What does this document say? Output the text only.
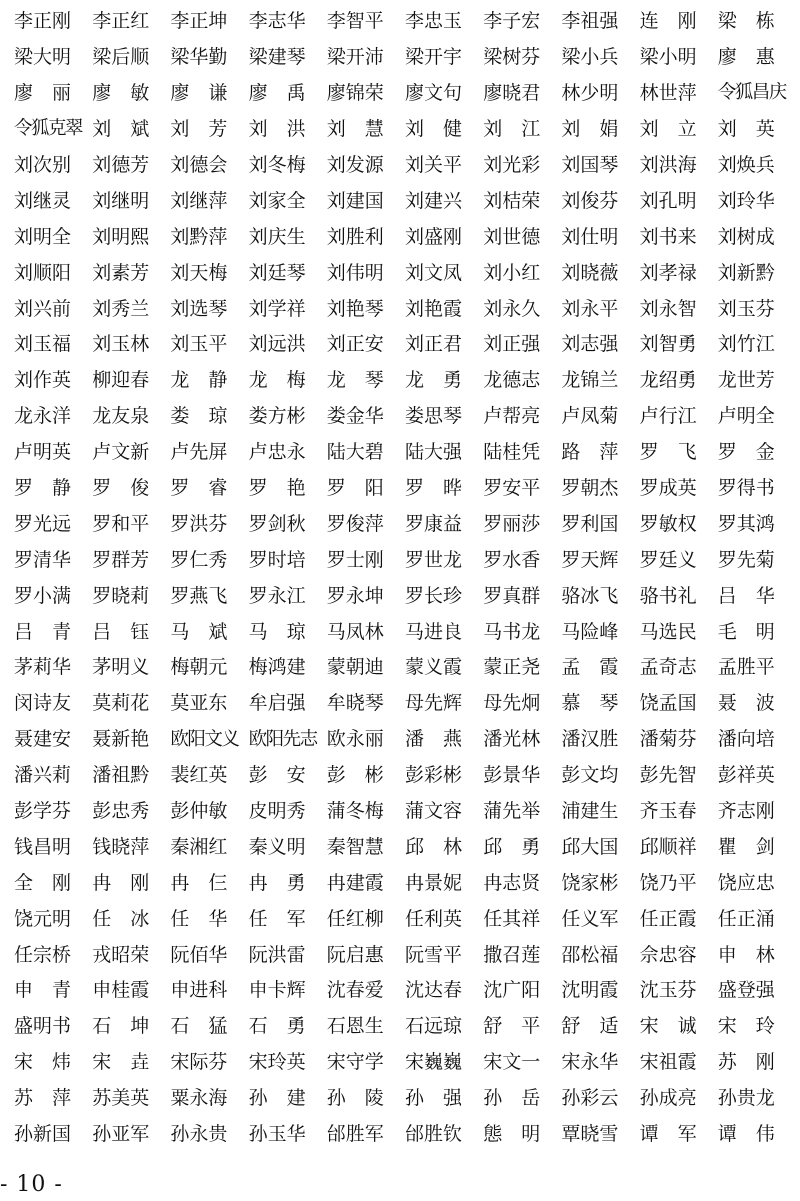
李正刚	李正红	李正坤	李志华	李智平	李忠玉	李子宏	李祖强	连　刚	梁　栋
梁大明	梁后顺	梁华勤	梁建琴	梁开沛	梁开宇	梁树芬	梁小兵	梁小明	廖　惠
廖　丽	廖　敏	廖　谦	廖　禹	廖锦荣	廖文句	廖晓君	林少明	林世萍	令狐昌庆
令狐克翠 刘　斌	刘　芳	刘　洪	刘　慧	刘　健	刘　江	刘　娟	刘　立	刘　英
刘次别	刘德芳	刘德会	刘冬梅	刘发源	刘关平	刘光彩	刘国琴	刘洪海	刘焕兵
刘继灵	刘继明	刘继萍	刘家全	刘建国	刘建兴	刘桔荣	刘俊芬	刘孔明	刘玲华
刘明全	刘明熙	刘黔萍	刘庆生	刘胜利	刘盛刚	刘世德	刘仕明	刘书来	刘树成
刘顺阳	刘素芳	刘天梅	刘廷琴	刘伟明	刘文凤	刘小红	刘晓薇	刘孝禄	刘新黔
刘兴前	刘秀兰	刘选琴	刘学祥	刘艳琴	刘艳霞	刘永久	刘永平	刘永智	刘玉芬
刘玉福	刘玉林	刘玉平	刘远洪	刘正安	刘正君	刘正强	刘志强	刘智勇	刘竹江
刘作英	柳迎春	龙　静	龙　梅	龙　琴	龙　勇	龙德志	龙锦兰	龙绍勇	龙世芳
龙永洋	龙友泉	娄　琼	娄方彬	娄金华	娄思琴	卢帮亮	卢凤菊	卢行江	卢明全
卢明英	卢文新	卢先屏	卢忠永	陆大碧	陆大强	陆桂凭	路　萍	罗　飞	罗　金
罗　静	罗　俊	罗　睿	罗　艳	罗　阳	罗　晔	罗安平	罗朝杰	罗成英	罗得书
罗光远	罗和平	罗洪芬	罗剑秋	罗俊萍	罗康益	罗丽莎	罗利国	罗敏权	罗其鸿
罗清华	罗群芳	罗仁秀	罗时培	罗士刚	罗世龙	罗水香	罗天辉	罗廷义	罗先菊
罗小满	罗晓莉	罗燕飞	罗永江	罗永坤	罗长珍	罗真群	骆冰飞	骆书礼	吕　华
吕　青	吕　钰	马　斌	马　琼	马凤林	马进良	马书龙	马险峰	马选民	毛　明
茅莉华	茅明义	梅朝元	梅鸿建	蒙朝迪	蒙义霞	蒙正尧	孟　霞	孟奇志	孟胜平
闵诗友	莫莉花	莫亚东	牟启强	牟晓琴	母先辉	母先炯	慕　琴	饶孟国	聂　波
聂建安	聂新艳	欧阳文义 欧阳先志 欧永丽	潘　燕	潘光林	潘汉胜	潘菊芬	潘向培
潘兴莉	潘祖黔	裴红英	彭　安	彭　彬	彭彩彬	彭景华	彭文均	彭先智	彭祥英
彭学芬	彭忠秀	彭仲敏	皮明秀	蒲冬梅	蒲文容	蒲先举	浦建生	齐玉春	齐志刚
钱昌明	钱晓萍	秦湘红	秦义明	秦智慧	邱　林	邱　勇	邱大国	邱顺祥	瞿　剑
全　刚	冉　刚	冉　仨	冉　勇	冉建霞	冉景妮	冉志贤	饶家彬	饶乃平	饶应忠
饶元明	任　冰	任　华	任　军	任红柳	任利英	任其祥	任义军	任正霞	任正涌
任宗桥	戎昭荣	阮佰华	阮洪雷	阮启惠	阮雪平	撒召莲	邵松福	佘忠容	申　林
申　青	申桂霞	申进科	申卡辉	沈春爱	沈达春	沈广阳	沈明霞	沈玉芬	盛登强
盛明书	石　坤	石　猛	石　勇	石恩生	石远琼	舒　平	舒　适	宋　诚	宋　玲
宋　炜	宋　垚	宋际芬	宋玲英	宋守学	宋巍巍	宋文一	宋永华	宋祖霞	苏　刚
苏　萍	苏美英	粟永海	孙　建	孙　陵	孙　强	孙　岳	孙彩云	孙成亮	孙贵龙
孙新国	孙亚军	孙永贵	孙玉华	邰胜军	邰胜钦	態　明	覃晓雪	谭　军	谭　伟
- 10 -
